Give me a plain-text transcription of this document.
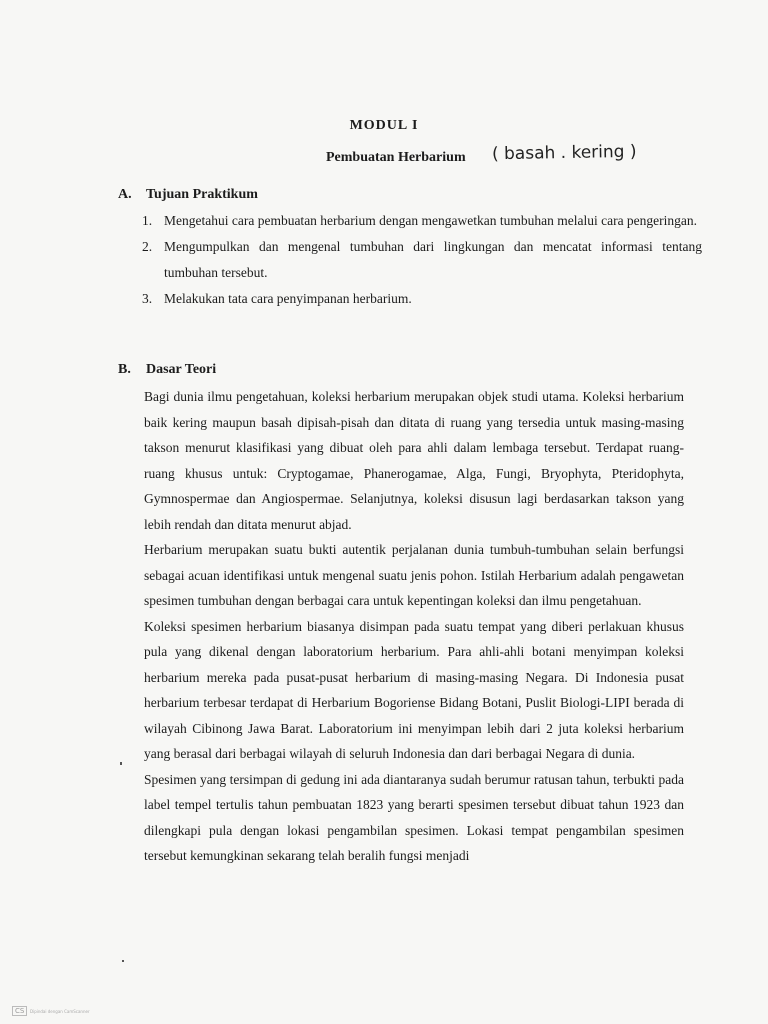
MODUL I
Pembuatan Herbarium ( basah . kering )
A. Tujuan Praktikum
1. Mengetahui cara pembuatan herbarium dengan mengawetkan tumbuhan melalui cara pengeringan.
2. Mengumpulkan dan mengenal tumbuhan dari lingkungan dan mencatat informasi tentang tumbuhan tersebut.
3. Melakukan tata cara penyimpanan herbarium.
B. Dasar Teori

Bagi dunia ilmu pengetahuan, koleksi herbarium merupakan objek studi utama. Koleksi herbarium baik kering maupun basah dipisah-pisah dan ditata di ruang yang tersedia untuk masing-masing takson menurut klasifikasi yang dibuat oleh para ahli dalam lembaga tersebut. Terdapat ruang-ruang khusus untuk: Cryptogamae, Phanerogamae, Alga, Fungi, Bryophyta, Pteridophyta, Gymnospermae dan Angiospermae. Selanjutnya, koleksi disusun lagi berdasarkan takson yang lebih rendah dan ditata menurut abjad.

Herbarium merupakan suatu bukti autentik perjalanan dunia tumbuh-tumbuhan selain berfungsi sebagai acuan identifikasi untuk mengenal suatu jenis pohon. Istilah Herbarium adalah pengawetan spesimen tumbuhan dengan berbagai cara untuk kepentingan koleksi dan ilmu pengetahuan.

Koleksi spesimen herbarium biasanya disimpan pada suatu tempat yang diberi perlakuan khusus pula yang dikenal dengan laboratorium herbarium. Para ahli-ahli botani menyimpan koleksi herbarium mereka pada pusat-pusat herbarium di masing-masing Negara. Di Indonesia pusat herbarium terbesar terdapat di Herbarium Bogoriense Bidang Botani, Puslit Biologi-LIPI berada di wilayah Cibinong Jawa Barat. Laboratorium ini menyimpan lebih dari 2 juta koleksi herbarium yang berasal dari berbagai wilayah di seluruh Indonesia dan dari berbagai Negara di dunia.

Spesimen yang tersimpan di gedung ini ada diantaranya sudah berumur ratusan tahun, terbukti pada label tempel tertulis tahun pembuatan 1823 yang berarti spesimen tersebut dibuat tahun 1923 dan dilengkapi pula dengan lokasi pengambilan spesimen. Lokasi tempat pengambilan spesimen tersebut kemungkinan sekarang telah beralih fungsi menjadi

CS	Dipindai dengan CamScanner
